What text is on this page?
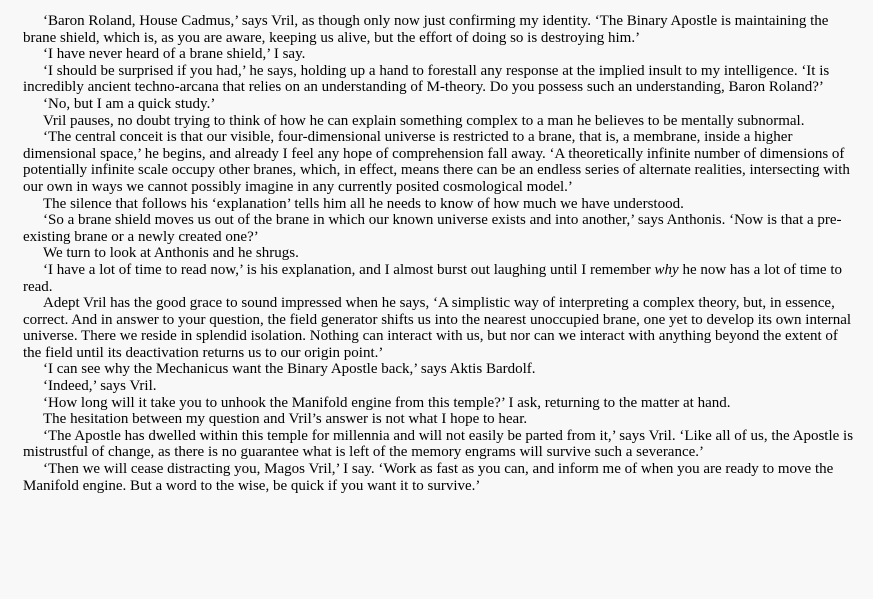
‘Baron Roland, House Cadmus,’ says Vril, as though only now just confirming my identity. ‘The Binary Apostle is maintaining the brane shield, which is, as you are aware, keeping us alive, but the effort of doing so is destroying him.’

‘I have never heard of a brane shield,’ I say.

‘I should be surprised if you had,’ he says, holding up a hand to forestall any response at the implied insult to my intelligence. ‘It is incredibly ancient techno-arcana that relies on an understanding of M-theory. Do you possess such an understanding, Baron Roland?’

‘No, but I am a quick study.’

Vril pauses, no doubt trying to think of how he can explain something complex to a man he believes to be mentally subnormal.

‘The central conceit is that our visible, four-dimensional universe is restricted to a brane, that is, a membrane, inside a higher dimensional space,’ he begins, and already I feel any hope of comprehension fall away. ‘A theoretically infinite number of dimensions of potentially infinite scale occupy other branes, which, in effect, means there can be an endless series of alternate realities, intersecting with our own in ways we cannot possibly imagine in any currently posited cosmological model.’

The silence that follows his ‘explanation’ tells him all he needs to know of how much we have understood.

‘So a brane shield moves us out of the brane in which our known universe exists and into another,’ says Anthonis. ‘Now is that a pre-existing brane or a newly created one?’

We turn to look at Anthonis and he shrugs.

‘I have a lot of time to read now,’ is his explanation, and I almost burst out laughing until I remember why he now has a lot of time to read.

Adept Vril has the good grace to sound impressed when he says, ‘A simplistic way of interpreting a complex theory, but, in essence, correct. And in answer to your question, the field generator shifts us into the nearest unoccupied brane, one yet to develop its own internal universe. There we reside in splendid isolation. Nothing can interact with us, but nor can we interact with anything beyond the extent of the field until its deactivation returns us to our origin point.’

‘I can see why the Mechanicus want the Binary Apostle back,’ says Aktis Bardolf.

‘Indeed,’ says Vril.

‘How long will it take you to unhook the Manifold engine from this temple?’ I ask, returning to the matter at hand.

The hesitation between my question and Vril’s answer is not what I hope to hear.

‘The Apostle has dwelled within this temple for millennia and will not easily be parted from it,’ says Vril. ‘Like all of us, the Apostle is mistrustful of change, as there is no guarantee what is left of the memory engrams will survive such a severance.’

‘Then we will cease distracting you, Magos Vril,’ I say. ‘Work as fast as you can, and inform me of when you are ready to move the Manifold engine. But a word to the wise, be quick if you want it to survive.’
